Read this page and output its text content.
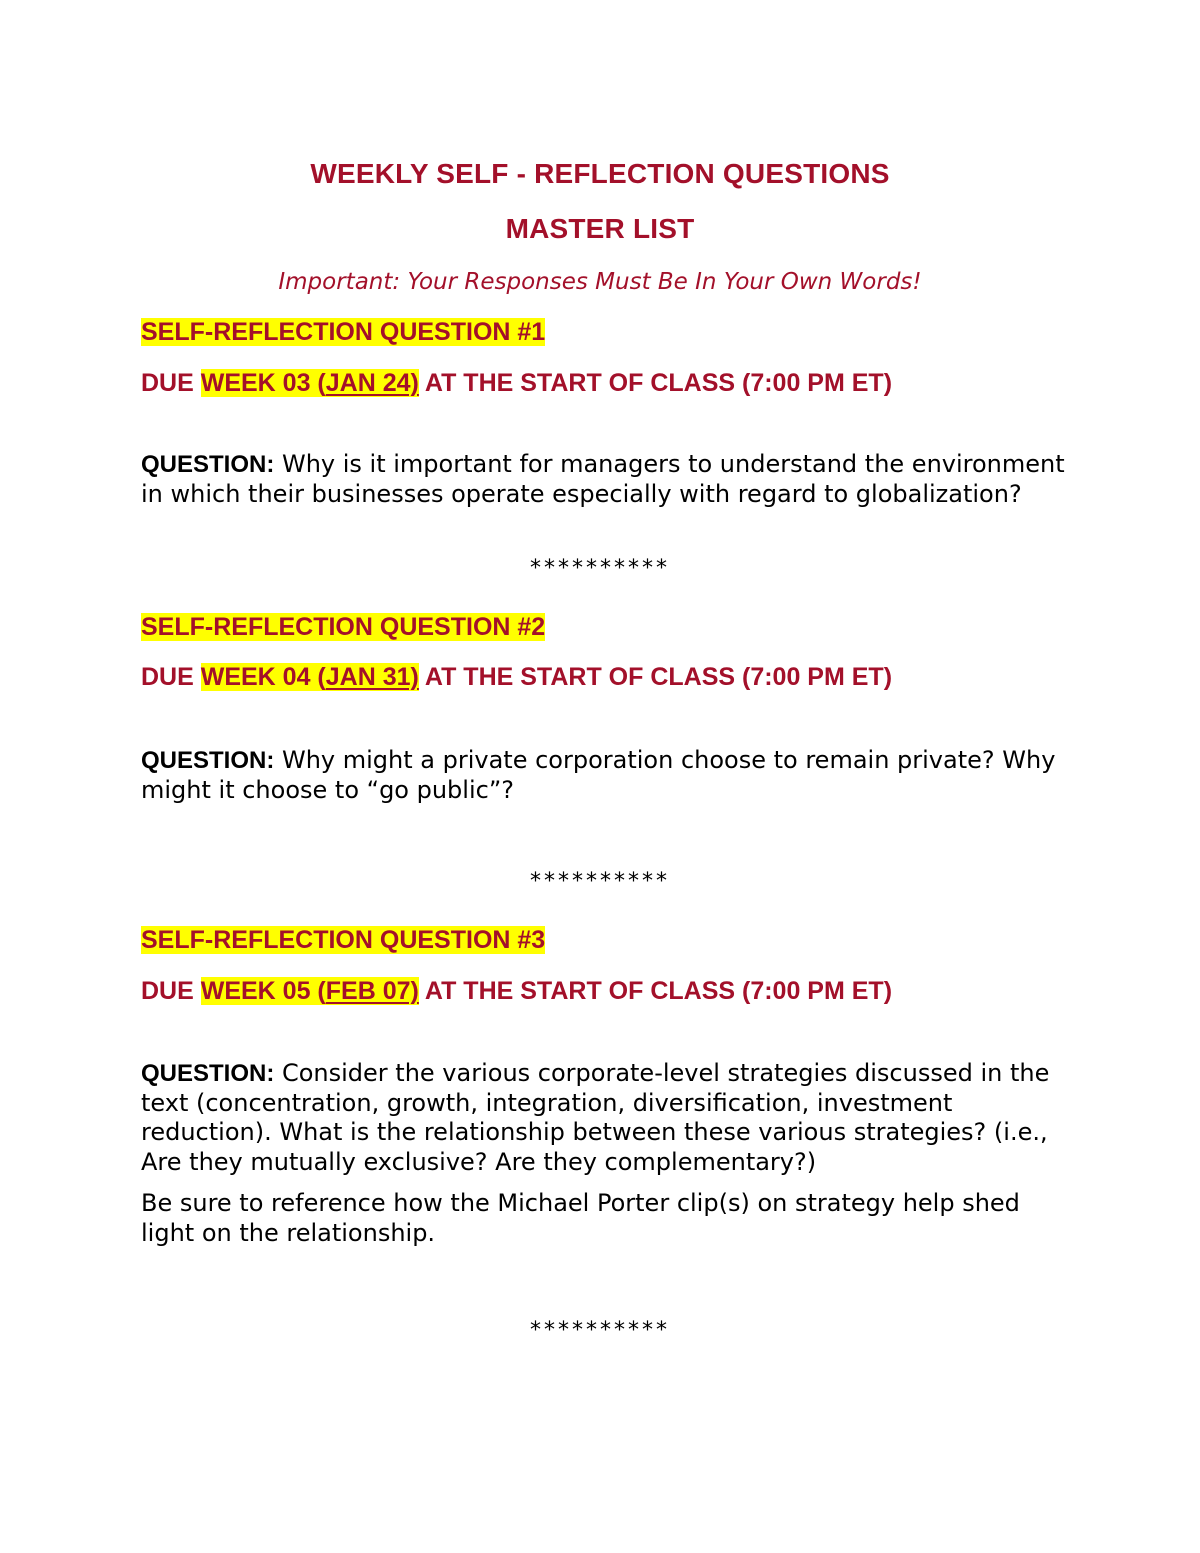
WEEKLY SELF - REFLECTION QUESTIONS
MASTER LIST
Important: Your Responses Must Be In Your Own Words!
SELF-REFLECTION QUESTION #1
DUE WEEK 03 (JAN 24) AT THE START OF CLASS (7:00 PM ET)

QUESTION: Why is it important for managers to understand the environment in which their businesses operate especially with regard to globalization?

**********
SELF-REFLECTION QUESTION #2
DUE WEEK 04 (JAN 31) AT THE START OF CLASS (7:00 PM ET)

QUESTION: Why might a private corporation choose to remain private? Why might it choose to “go public”?

**********
SELF-REFLECTION QUESTION #3
DUE WEEK 05 (FEB 07) AT THE START OF CLASS (7:00 PM ET)

QUESTION: Consider the various corporate-level strategies discussed in the text (concentration, growth, integration, diversification, investment reduction). What is the relationship between these various strategies? (i.e., Are they mutually exclusive? Are they complementary?)

Be sure to reference how the Michael Porter clip(s) on strategy help shed light on the relationship.

**********
